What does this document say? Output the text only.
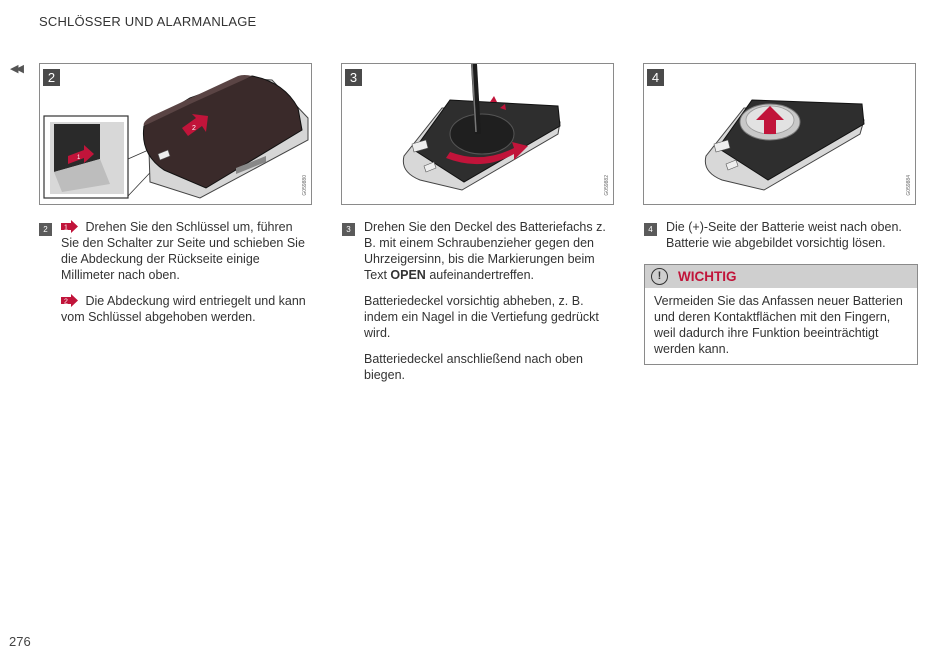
SCHLÖSSER UND ALARMANLAGE
◀◀
2
1
2
G059880
3
G059882
4
G059884
2	1 Drehen Sie den Schlüssel um, führen Sie den Schalter zur Seite und schieben Sie die Abdeckung der Rückseite einige Millimeter nach oben.

2 Die Abdeckung wird entriegelt und kann vom Schlüssel abgehoben werden.

3	Drehen Sie den Deckel des Batteriefachs z. B. mit einem Schraubenzieher gegen den Uhrzeigersinn, bis die Markierungen beim Text OPEN aufeinandertreffen.

Batteriedeckel vorsichtig abheben, z. B. indem ein Nagel in die Vertiefung gedrückt wird.

Batteriedeckel anschließend nach oben biegen.

4	Die (+)-Seite der Batterie weist nach oben. Batterie wie abgebildet vorsichtig lösen.

!	WICHTIG
Vermeiden Sie das Anfassen neuer Batterien und deren Kontaktflächen mit den Fingern, weil dadurch ihre Funktion beeinträchtigt werden kann.
276
